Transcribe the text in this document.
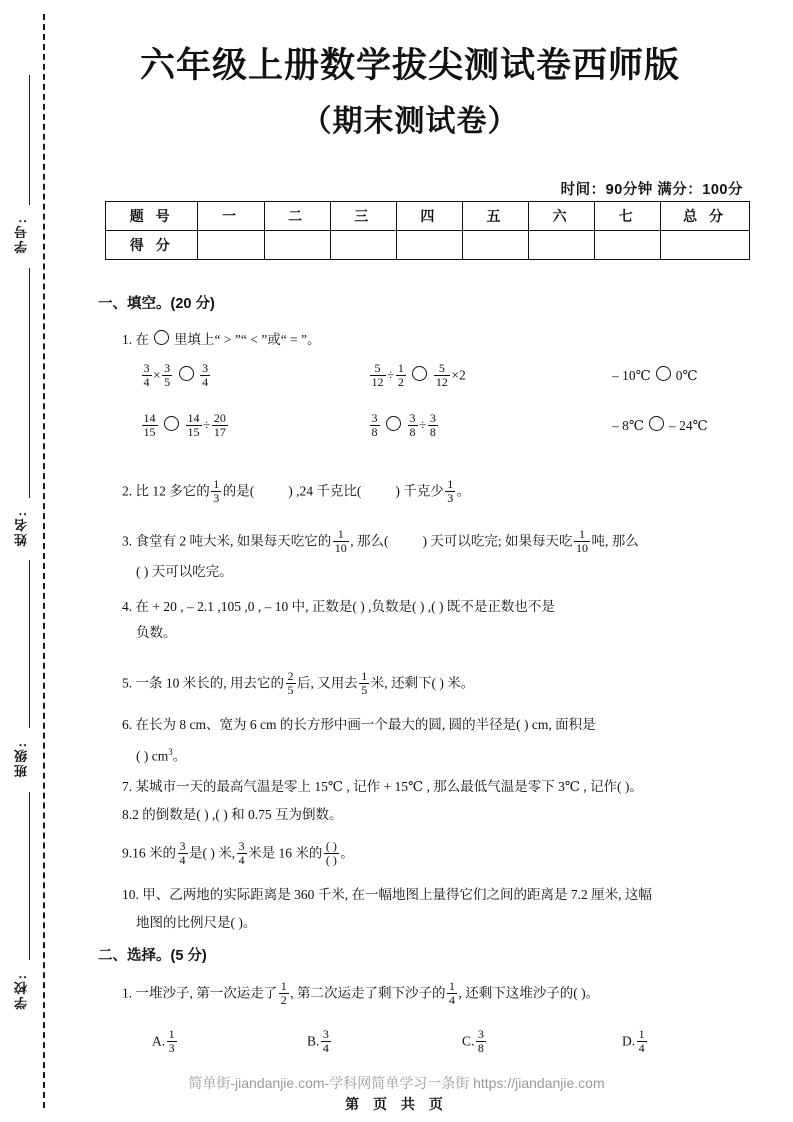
学号:
姓名:
班级:
学校:
六年级上册数学拔尖测试卷西师版
（期末测试卷）
时间：90分钟 满分：100分
题 号	一	二	三	四	五	六	七	总 分
得 分								
一、填空。(20 分)
1. 在 里填上“ > ”“ < ”或“ = ”。
$\frac{3}{4} \times \frac{3}{5} \frac{3}{4}$	$\frac{5}{12} \div \frac{1}{2} \frac{5}{12} \times 2$	– 10℃ 0℃
$\frac{14}{15} \frac{14}{15} \div \frac{20}{17}$	$\frac{3}{8} \frac{3}{8} \div \frac{3}{8}$	– 8℃ – 24℃
2. 比 12 多它的 $\frac{1}{3}$ 的是(	) ,24 千克比(	) 千克少 $\frac{1}{3}$ 。
3. 食堂有 2 吨大米, 如果每天吃它的 $\frac{1}{10}$ , 那么(	) 天可以吃完; 如果每天吃 $\frac{1}{10}$ 吨, 那么
( ) 天可以吃完。
4. 在 + 20 , – 2.1 ,105 ,0 , – 10 中, 正数是( ) ,负数是( ) ,( ) 既不是正数也不是
负数。
5. 一条 10 米长的, 用去它的 $\frac{2}{5}$ 后, 又用去 $\frac{1}{5}$ 米, 还剩下( ) 米。
6. 在长为 8 cm、宽为 6 cm 的长方形中画一个最大的圆, 圆的半径是( ) cm, 面积是
( ) $cm^3$。
7. 某城市一天的最高气温是零上 15℃ , 记作 + 15℃ , 那么最低气温是零下 3℃ , 记作( )。
8.2 的倒数是( ) ,( ) 和 0.75 互为倒数。
9.16 米的 $\frac{3}{4}$ 是( ) 米, $\frac{3}{4}$ 米是 16 米的 ( )
( ) 。
10. 甲、乙两地的实际距离是 360 千米, 在一幅地图上量得它们之间的距离是 7.2 厘米, 这幅
地图的比例尺是( )。
二、选择。(5 分)
1. 一堆沙子, 第一次运走了 $\frac{1}{2}$ , 第二次运走了剩下沙子的 $\frac{1}{4}$ , 还剩下这堆沙子的( )。
A. $\frac{1}{3}$	B. $\frac{3}{4}$	C. $\frac{3}{8}$	D. $\frac{1}{4}$
简单街-jiandanjie.com-学科网简单学习一条街 https://jiandanjie.com
第 页 共 页
